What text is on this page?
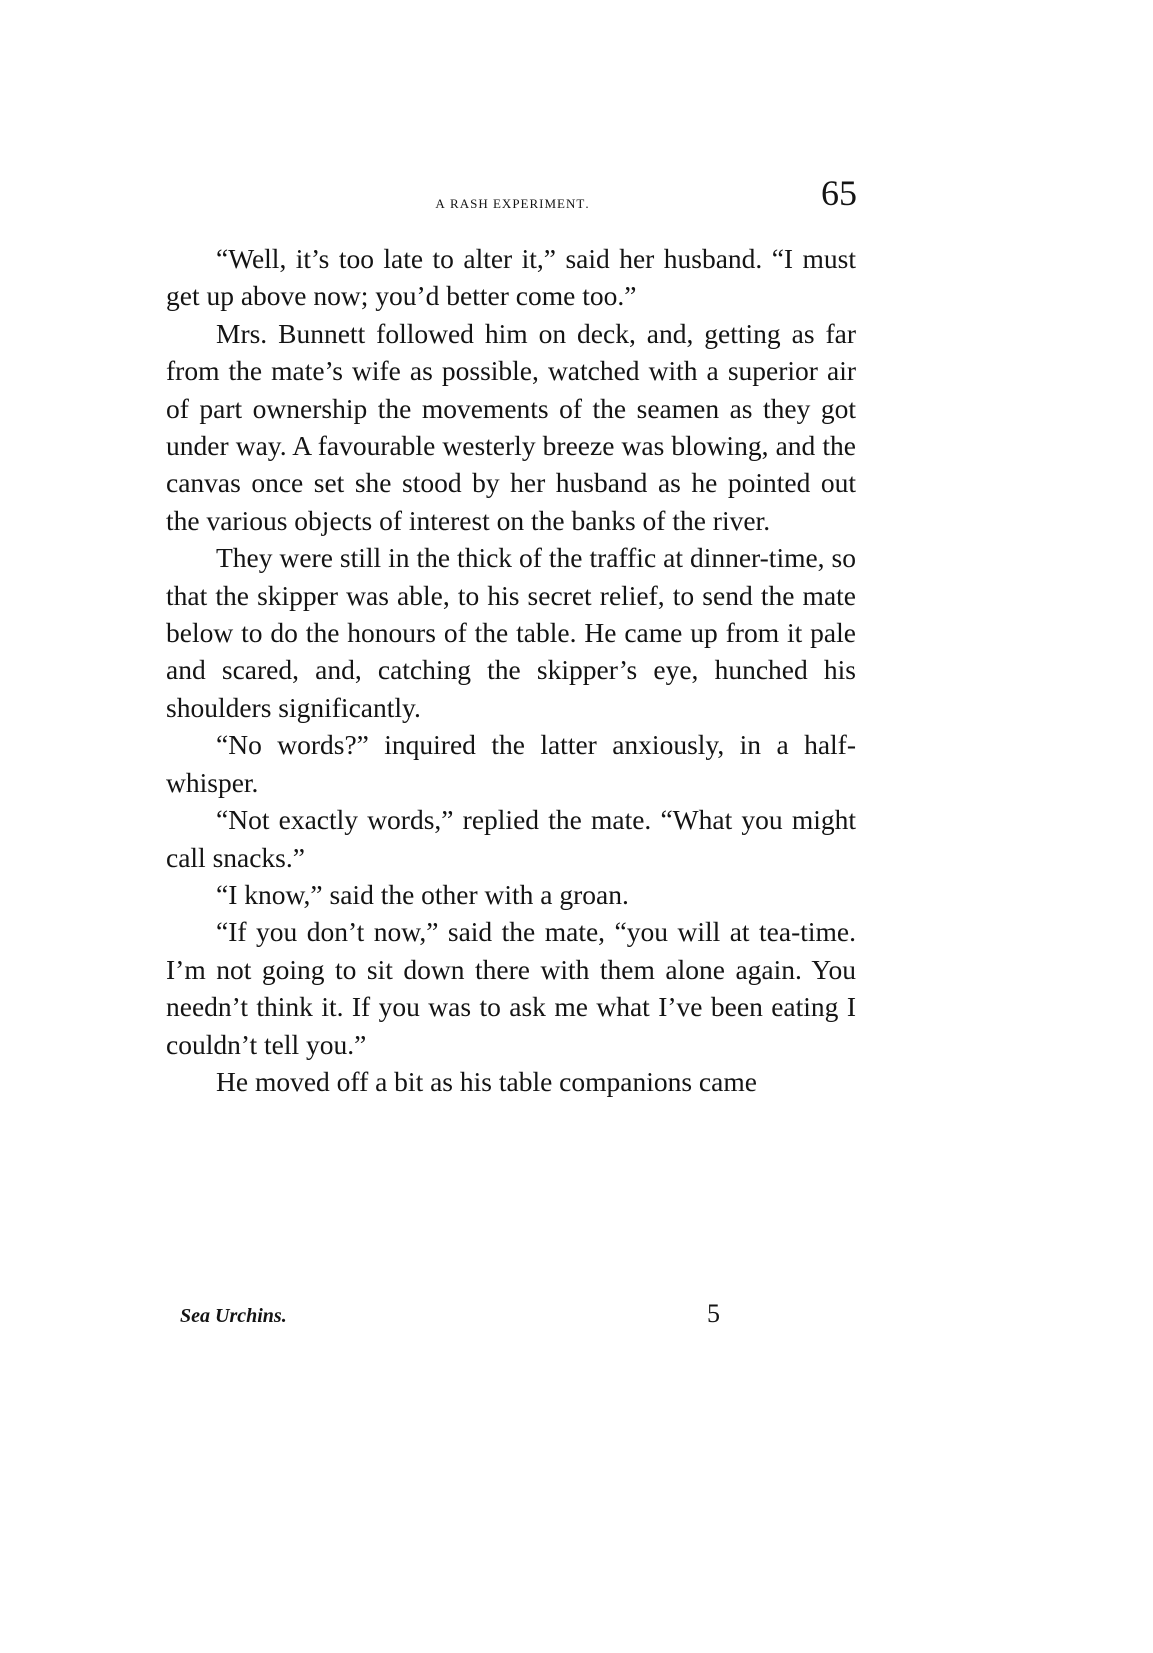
a rash experiment.	65

“Well, it’s too late to alter it,” said her husband. “I must get up above now; you’d better come too.”

Mrs. Bunnett followed him on deck, and, getting as far from the mate’s wife as possible, watched with a superior air of part ownership the movements of the seamen as they got under way. A favourable westerly breeze was blowing, and the canvas once set she stood by her husband as he pointed out the various objects of interest on the banks of the river.

They were still in the thick of the traffic at dinner-time, so that the skipper was able, to his secret relief, to send the mate below to do the honours of the table. He came up from it pale and scared, and, catching the skipper’s eye, hunched his shoulders significantly.

“No words?” inquired the latter anxiously, in a half-whisper.

“Not exactly words,” replied the mate. “What you might call snacks.”

“I know,” said the other with a groan.

“If you don’t now,” said the mate, “you will at tea-time. I’m not going to sit down there with them alone again. You needn’t think it. If you was to ask me what I’ve been eating I couldn’t tell you.”

He moved off a bit as his table companions came

Sea Urchins.	5
